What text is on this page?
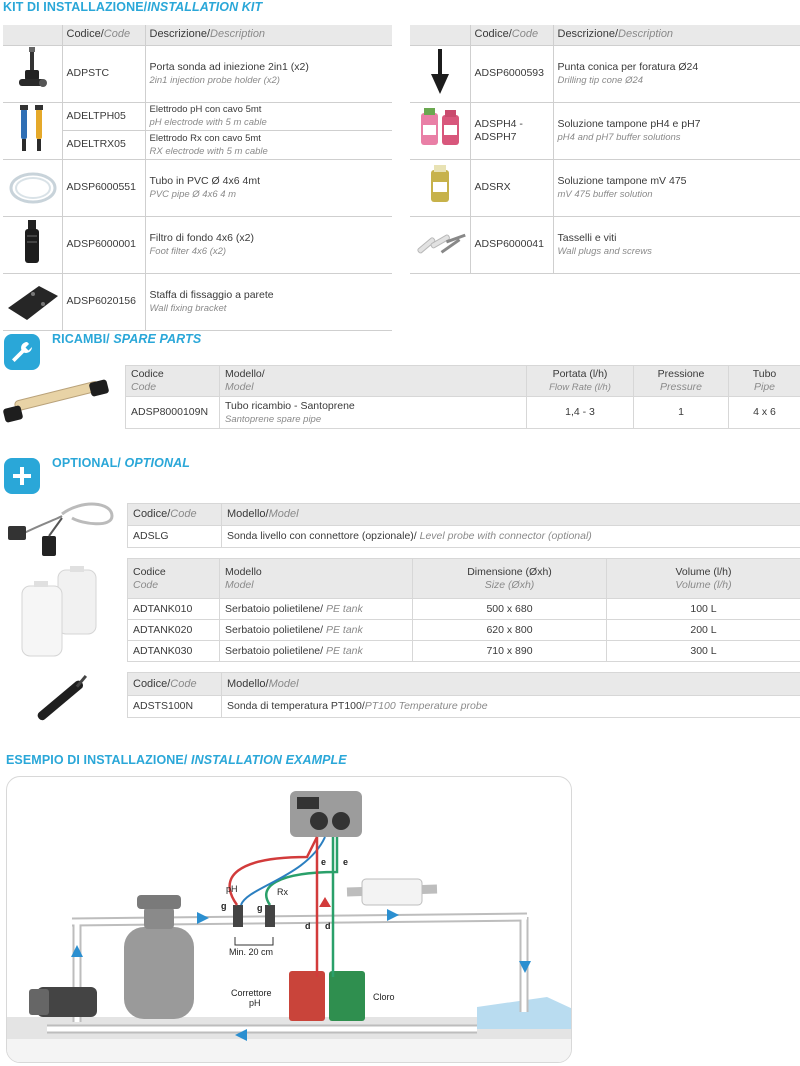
KIT DI INSTALLAZIONE/INSTALLATION KIT
	Codice/Code	Descrizione/Description
	ADPSTC	Porta sonda ad iniezione 2in1 (x2)
2in1 injection probe holder (x2)

	ADELTPH05	Elettrodo pH con cavo 5mt
pH electrode with 5 m cable

	ADELTRX05	Elettrodo Rx con cavo 5mt
RX electrode with 5 m cable

	ADSP6000551	Tubo in PVC Ø 4x6 4mt
PVC pipe Ø 4x6 4 m

	ADSP6000001	Filtro di fondo 4x6 (x2)
Foot filter 4x6 (x2)

	ADSP6020156	Staffa di fissaggio a parete
Wall fixing bracket
	Codice/Code	Descrizione/Description
	ADSP6000593	Punta conica per foratura Ø24
Drilling tip cone Ø24

ADSPH4 - ADSPH7	Soluzione tampone pH4 e pH7
pH4 and pH7 buffer solutions

	ADSRX	Soluzione tampone mV 475
mV 475 buffer solution

	ADSP6000041	Tasselli e viti
Wall plugs and screws
RICAMBI/ SPARE PARTS
Codice
Code	Modello/
Model	Portata (l/h)
Flow Rate (l/h)	Pressione
Pressure	Tubo
Pipe
ADSP8000109N	Tubo ricambio - Santoprene
Santoprene spare pipe	1,4 - 3	1	4 x 6
OPTIONAL/ OPTIONAL
Codice/Code	Modello/Model
ADSLG	Sonda livello con connettore (opzionale)/ Level probe with connector (optional)
Codice
Code	Modello
Model	Dimensione (Øxh)
Size (Øxh)	Volume (l/h)
Volume (l/h)
ADTANK010	Serbatoio polietilene/ PE tank	500 x 680	100 L
ADTANK020	Serbatoio polietilene/ PE tank	620 x 800	200 L
ADTANK030	Serbatoio polietilene/ PE tank	710 x 890	300 L
Codice/Code	Modello/Model
ADSTS100N	Sonda di temperatura PT100/PT100 Temperature probe
ESEMPIO DI INSTALLAZIONE/ INSTALLATION EXAMPLE
pH	Rx
g	g
d d
e e
Min. 20 cm
Correttore
pH
Cloro
